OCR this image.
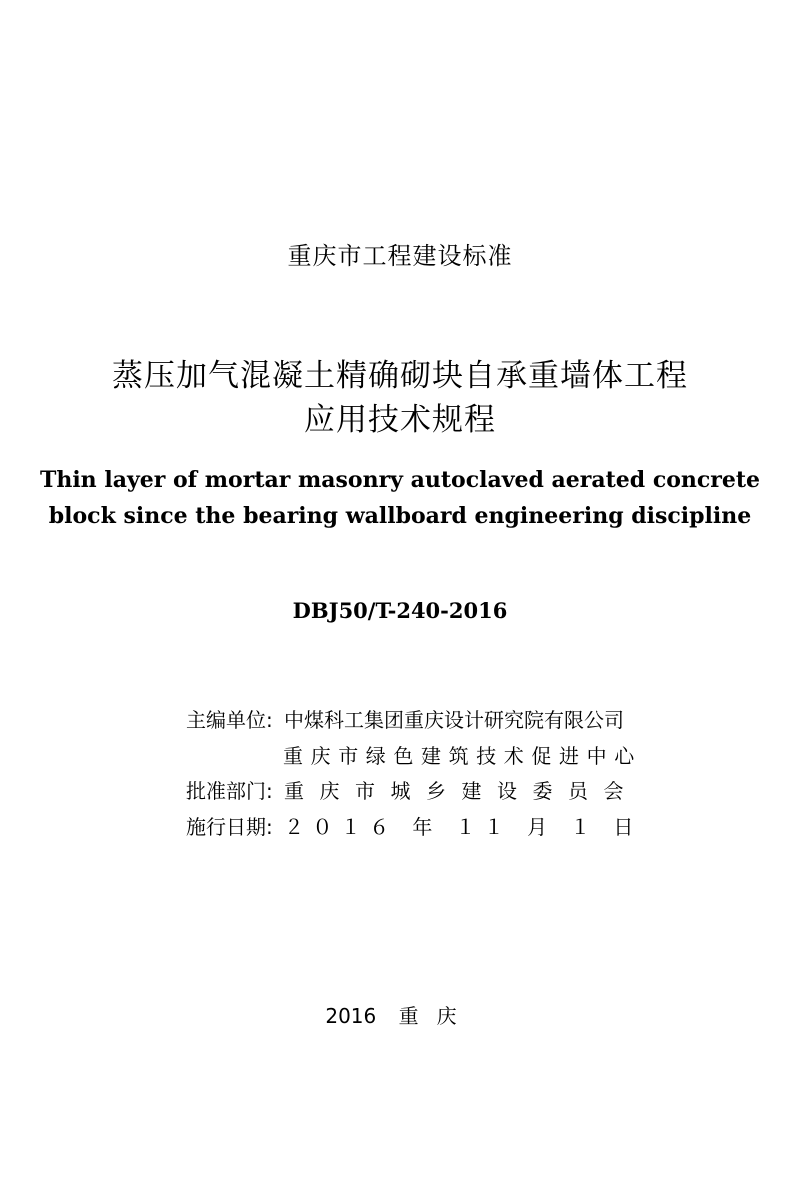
重庆市工程建设标准
蒸压加气混凝土精确砌块自承重墙体工程
应用技术规程
Thin layer of mortar masonry autoclaved aerated concrete
block since the bearing wallboard engineering discipline
DBJ50/T-240-2016
主编单位: 中煤科工集团重庆设计研究院有限公司
重庆市绿色建筑技术促进中心
批准部门: 重庆市城乡建设委员会
施行日期: ２０１６ 年 １１ 月 １ 日
2016 重庆
